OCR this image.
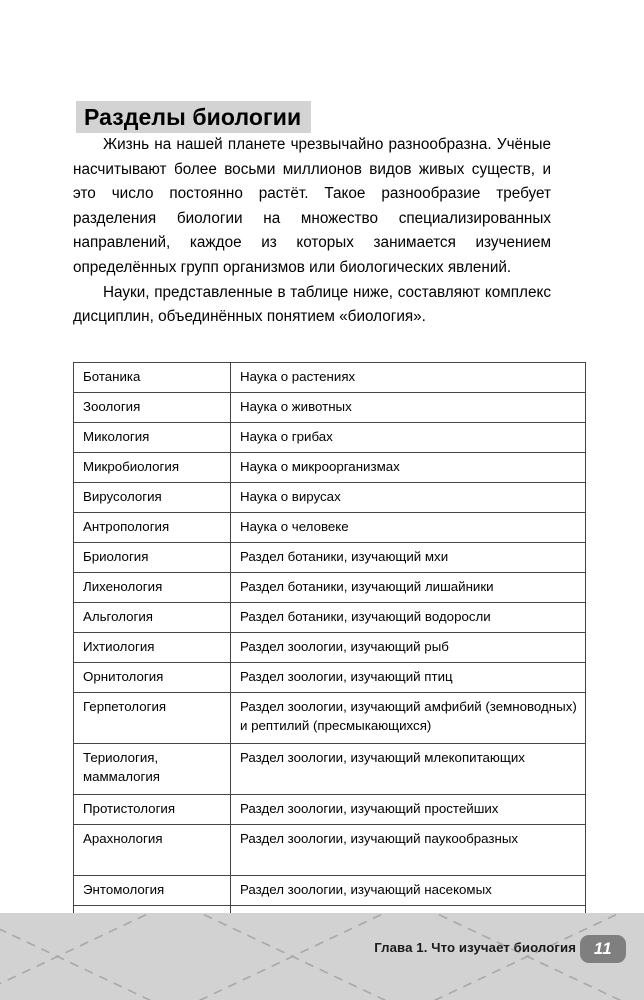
Разделы биологии

Жизнь на нашей планете чрезвычайно разнообразна. Учёные насчитывают более восьми миллионов видов живых существ, и это число постоянно растёт. Такое разнообразие требует разделения биологии на множество специализированных направлений, каждое из которых занимается изучением определённых групп организмов или биологических явлений.

Науки, представленные в таблице ниже, составляют комплекс дисциплин, объединённых понятием «биология».

Ботаника	Наука о растениях
Зоология	Наука о животных
Микология	Наука о грибах
Микробиология	Наука о микроорганизмах
Вирусология	Наука о вирусах
Антропология	Наука о человеке
Бриология	Раздел ботаники, изучающий мхи
Лихенология	Раздел ботаники, изучающий лишайники
Альгология	Раздел ботаники, изучающий водоросли
Ихтиология	Раздел зоологии, изучающий рыб
Орнитология	Раздел зоологии, изучающий птиц
Герпетология	Раздел зоологии, изучающий амфибий (земноводных) и рептилий (пресмыкающихся)
Териология, маммалогия	Раздел зоологии, изучающий млекопитающих
Протистология	Раздел зоологии, изучающий простейших
Арахнология	Раздел зоологии, изучающий паукообразных
Энтомология	Раздел зоологии, изучающий насекомых

Глава 1. Что изучает биология	11
